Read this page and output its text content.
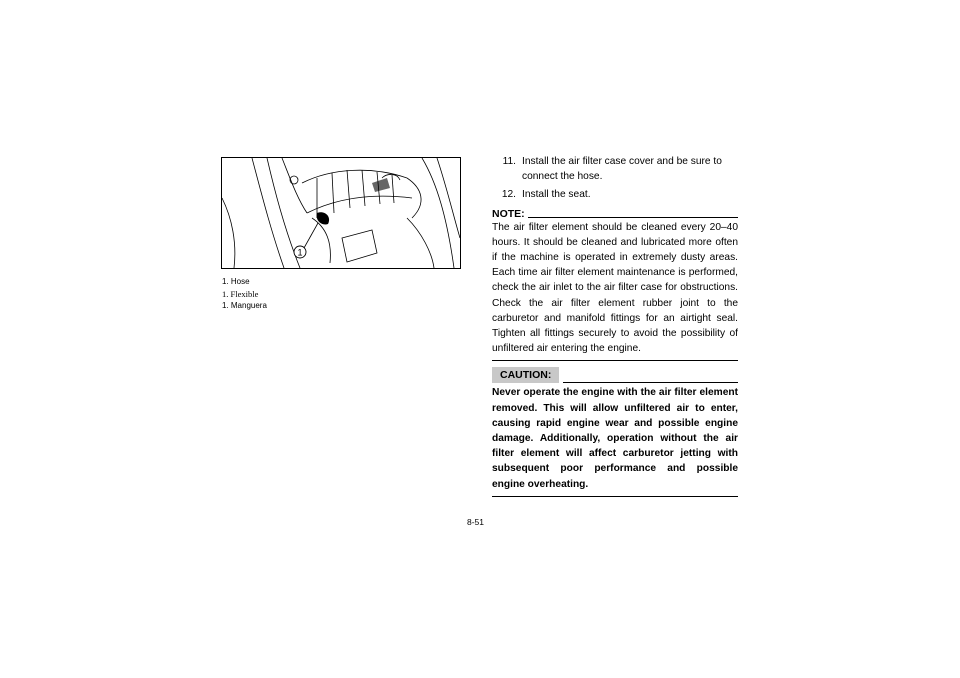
1
1. Hose
1. Flexible
1. Manguera
11. Install the air filter case cover and be sure to connect the hose.
12. Install the seat.
NOTE:
The air filter element should be cleaned every 20–40 hours. It should be cleaned and lubricated more often if the machine is operated in extremely dusty areas. Each time air filter element maintenance is performed, check the air inlet to the air filter case for obstructions. Check the air filter element rubber joint to the carburetor and manifold fittings for an airtight seal. Tighten all fittings securely to avoid the possibility of unfiltered air entering the engine.
CAUTION:
Never operate the engine with the air filter element removed. This will allow unfiltered air to enter, causing rapid engine wear and possible engine damage. Additionally, operation without the air filter element will affect carburetor jetting with subsequent poor performance and possible engine overheating.
8-51
